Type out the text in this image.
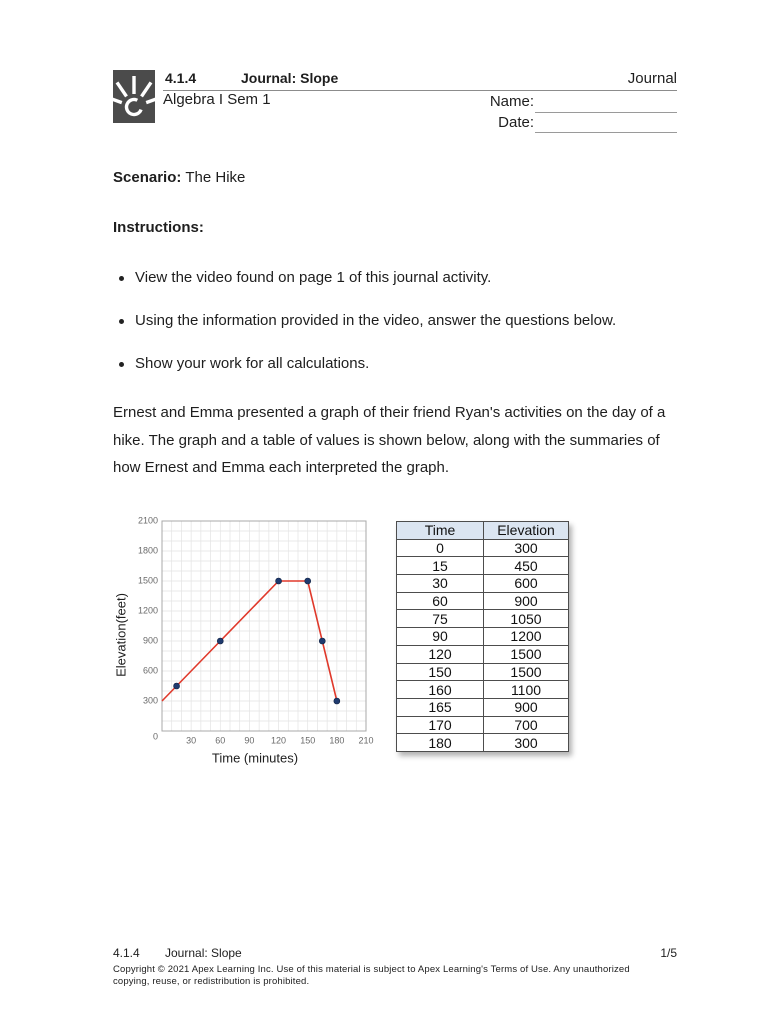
4.1.4	Journal: Slope	Journal
Algebra I Sem 1	Name:
Date:
Scenario: The Hike
Instructions:
View the video found on page 1 of this journal activity.
Using the information provided in the video, answer the questions below.
Show your work for all calculations.

Ernest and Emma presented a graph of their friend Ryan's activities on the day of a hike. The graph and a table of values is shown below, along with the summaries of how Ernest and Emma each interpreted the graph.

0
300
600
900
1200
1500
1800
2100
30 60 90 120 150 180 210
Time (minutes)
Elevation(feet)
Time	Elevation
0	300
15	450
30	600
60	900
75	1050
90	1200
120	1500
150	1500
160	1100
165	900
170	700
180	300
4.1.4 Journal: Slope	1/5
Copyright © 2021 Apex Learning Inc. Use of this material is subject to Apex Learning's Terms of Use. Any unauthorized copying, reuse, or redistribution is prohibited.
